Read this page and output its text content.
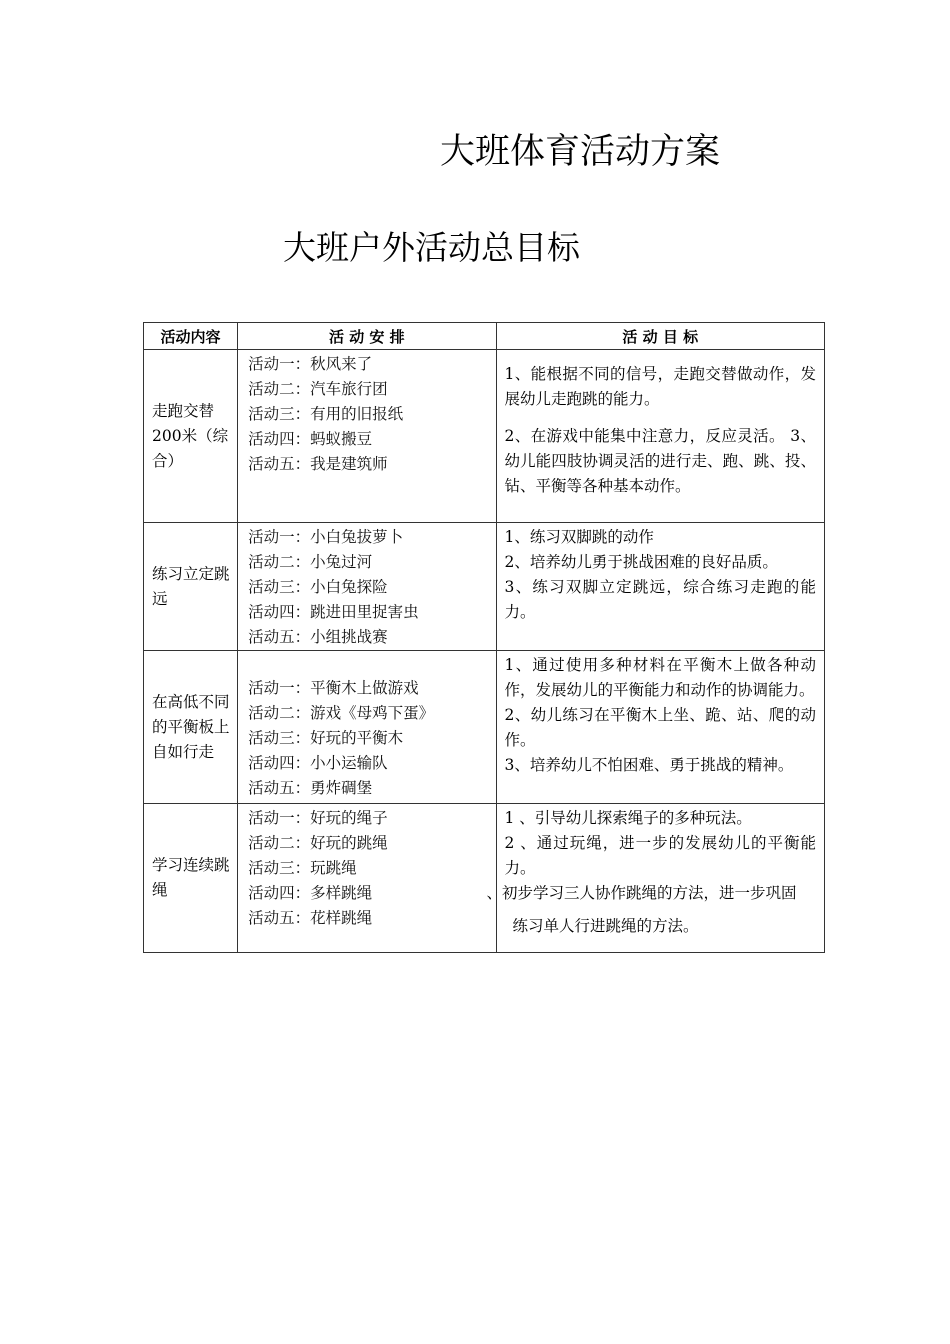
大班体育活动方案
大班户外活动总目标
活动内容	活 动 安 排	活 动 目 标
走跑交替200米（综合）	活动一：秋风来了
活动二：汽车旅行团
活动三：有用的旧报纸
活动四：蚂蚁搬豆
活动五：我是建筑师	1、能根据不同的信号，走跑交替做动作，发展幼儿走跑跳的能力。
2、在游戏中能集中注意力，反应灵活。 3、幼儿能四肢协调灵活的进行走、跑、跳、投、钻、平衡等各种基本动作。

练习立定跳远	活动一：小白兔拔萝卜
活动二：小兔过河
活动三：小白兔探险
活动四：跳进田里捉害虫
活动五：小组挑战赛	1、练习双脚跳的动作
2、培养幼儿勇于挑战困难的良好品质。
3、练习双脚立定跳远，综合练习走跑的能力。

在高低不同的平衡板上自如行走	活动一：平衡木上做游戏
活动二：游戏《母鸡下蛋》
活动三：好玩的平衡木
活动四：小小运输队
活动五：勇炸碉堡	1、通过使用多种材料在平衡木上做各种动作，发展幼儿的平衡能力和动作的协调能力。
2、幼儿练习在平衡木上坐、跪、站、爬的动作。
3、培养幼儿不怕困难、勇于挑战的精神。

学习连续跳绳	活动一：好玩的绳子
活动二：好玩的跳绳
活动三：玩跳绳
活动四：多样跳绳
活动五：花样跳绳	1 、引导幼儿探索绳子的多种玩法。
2 、通过玩绳，进一步的发展幼儿的平衡能力。
、初步学习三人协作跳绳的方法，进一步巩固
练习单人行进跳绳的方法。
